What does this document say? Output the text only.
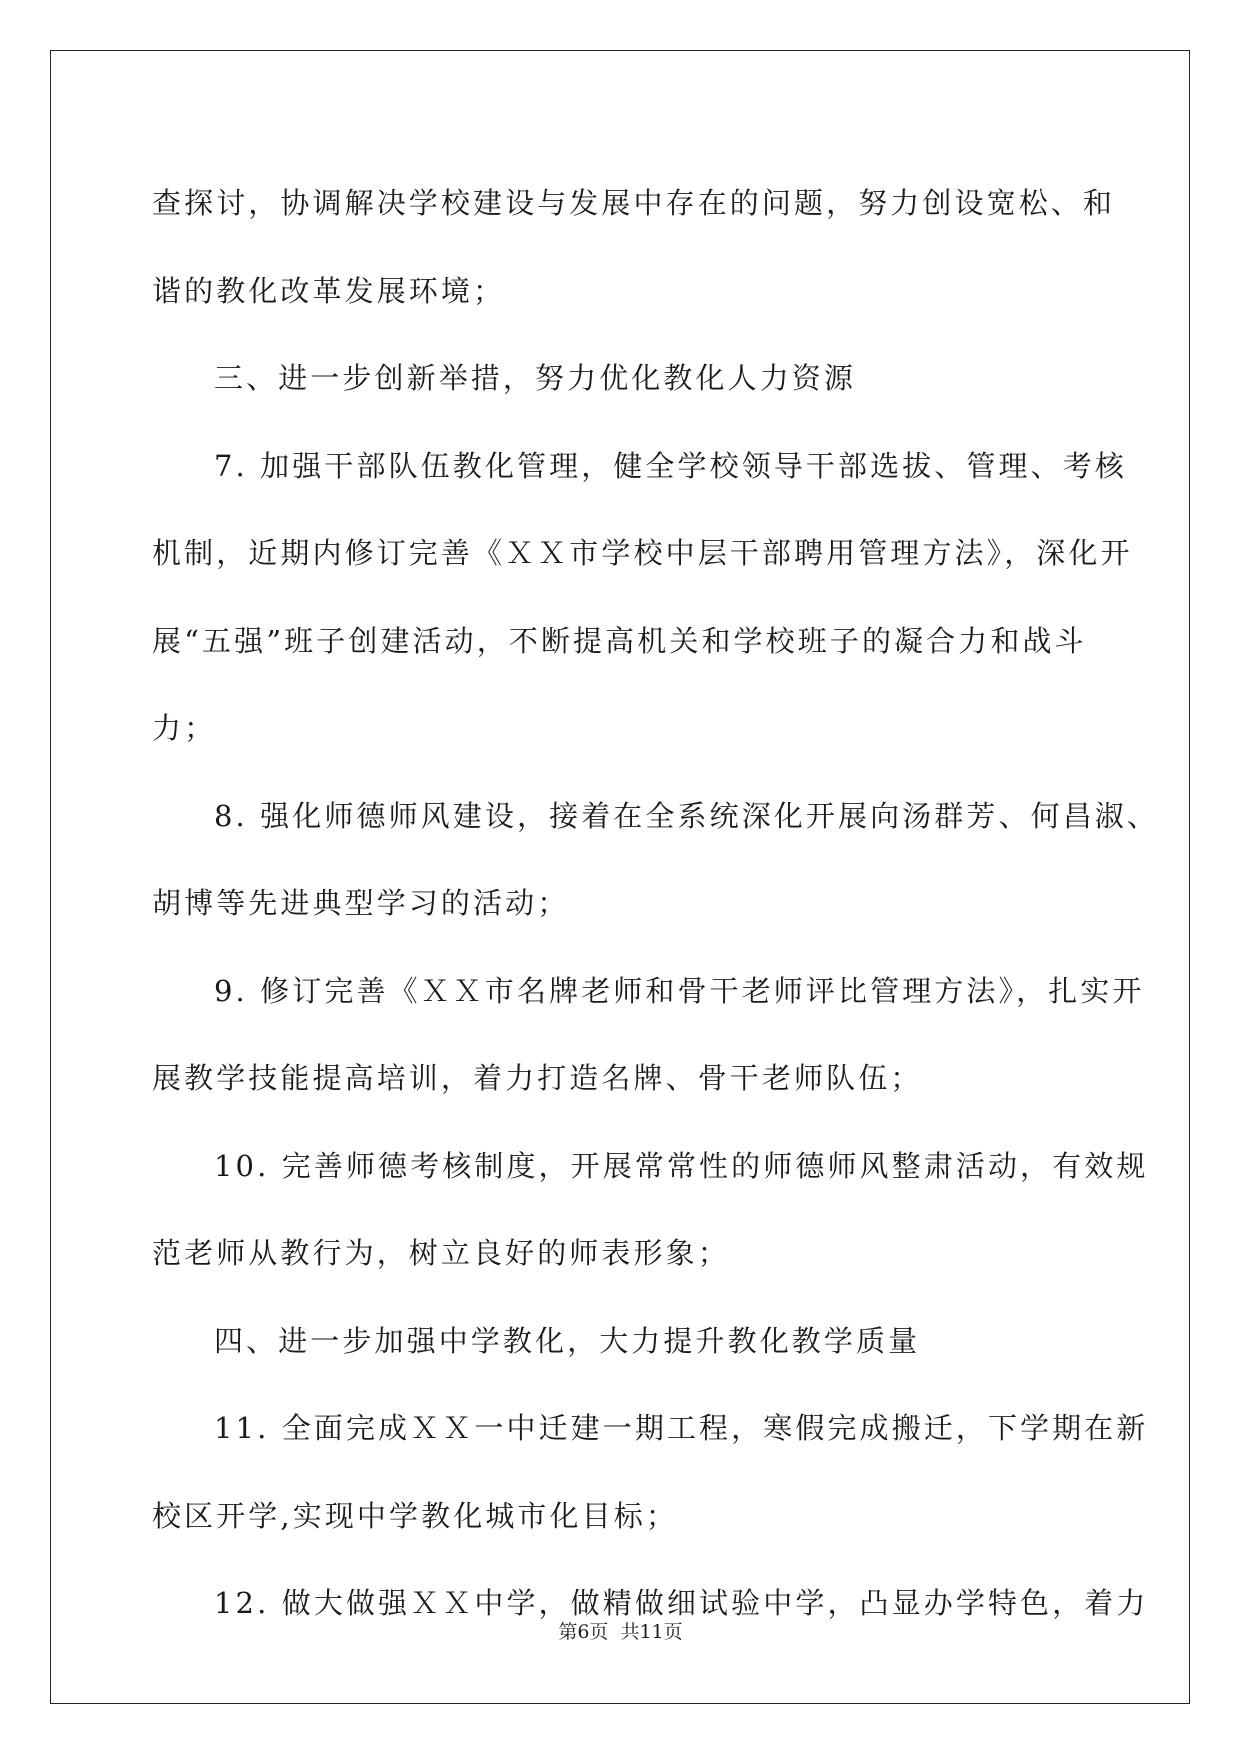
查探讨，协调解决学校建设与发展中存在的问题，努力创设宽松、和
谐的教化改革发展环境；
三、进一步创新举措，努力优化教化人力资源
7. 加强干部队伍教化管理，健全学校领导干部选拔、管理、考核
机制，近期内修订完善《ＸＸ市学校中层干部聘用管理方法》，深化开
展“五强”班子创建活动，不断提高机关和学校班子的凝合力和战斗
力；
8. 强化师德师风建设，接着在全系统深化开展向汤群芳、何昌淑、
胡博等先进典型学习的活动；
9. 修订完善《ＸＸ市名牌老师和骨干老师评比管理方法》，扎实开
展教学技能提高培训，着力打造名牌、骨干老师队伍；
10. 完善师德考核制度，开展常常性的师德师风整肃活动，有效规
范老师从教行为，树立良好的师表形象；
四、进一步加强中学教化，大力提升教化教学质量
11. 全面完成ＸＸ一中迁建一期工程，寒假完成搬迁，下学期在新
校区开学,实现中学教化城市化目标；
12. 做大做强ＸＸ中学，做精做细试验中学，凸显办学特色，着力
第6页 共11页
